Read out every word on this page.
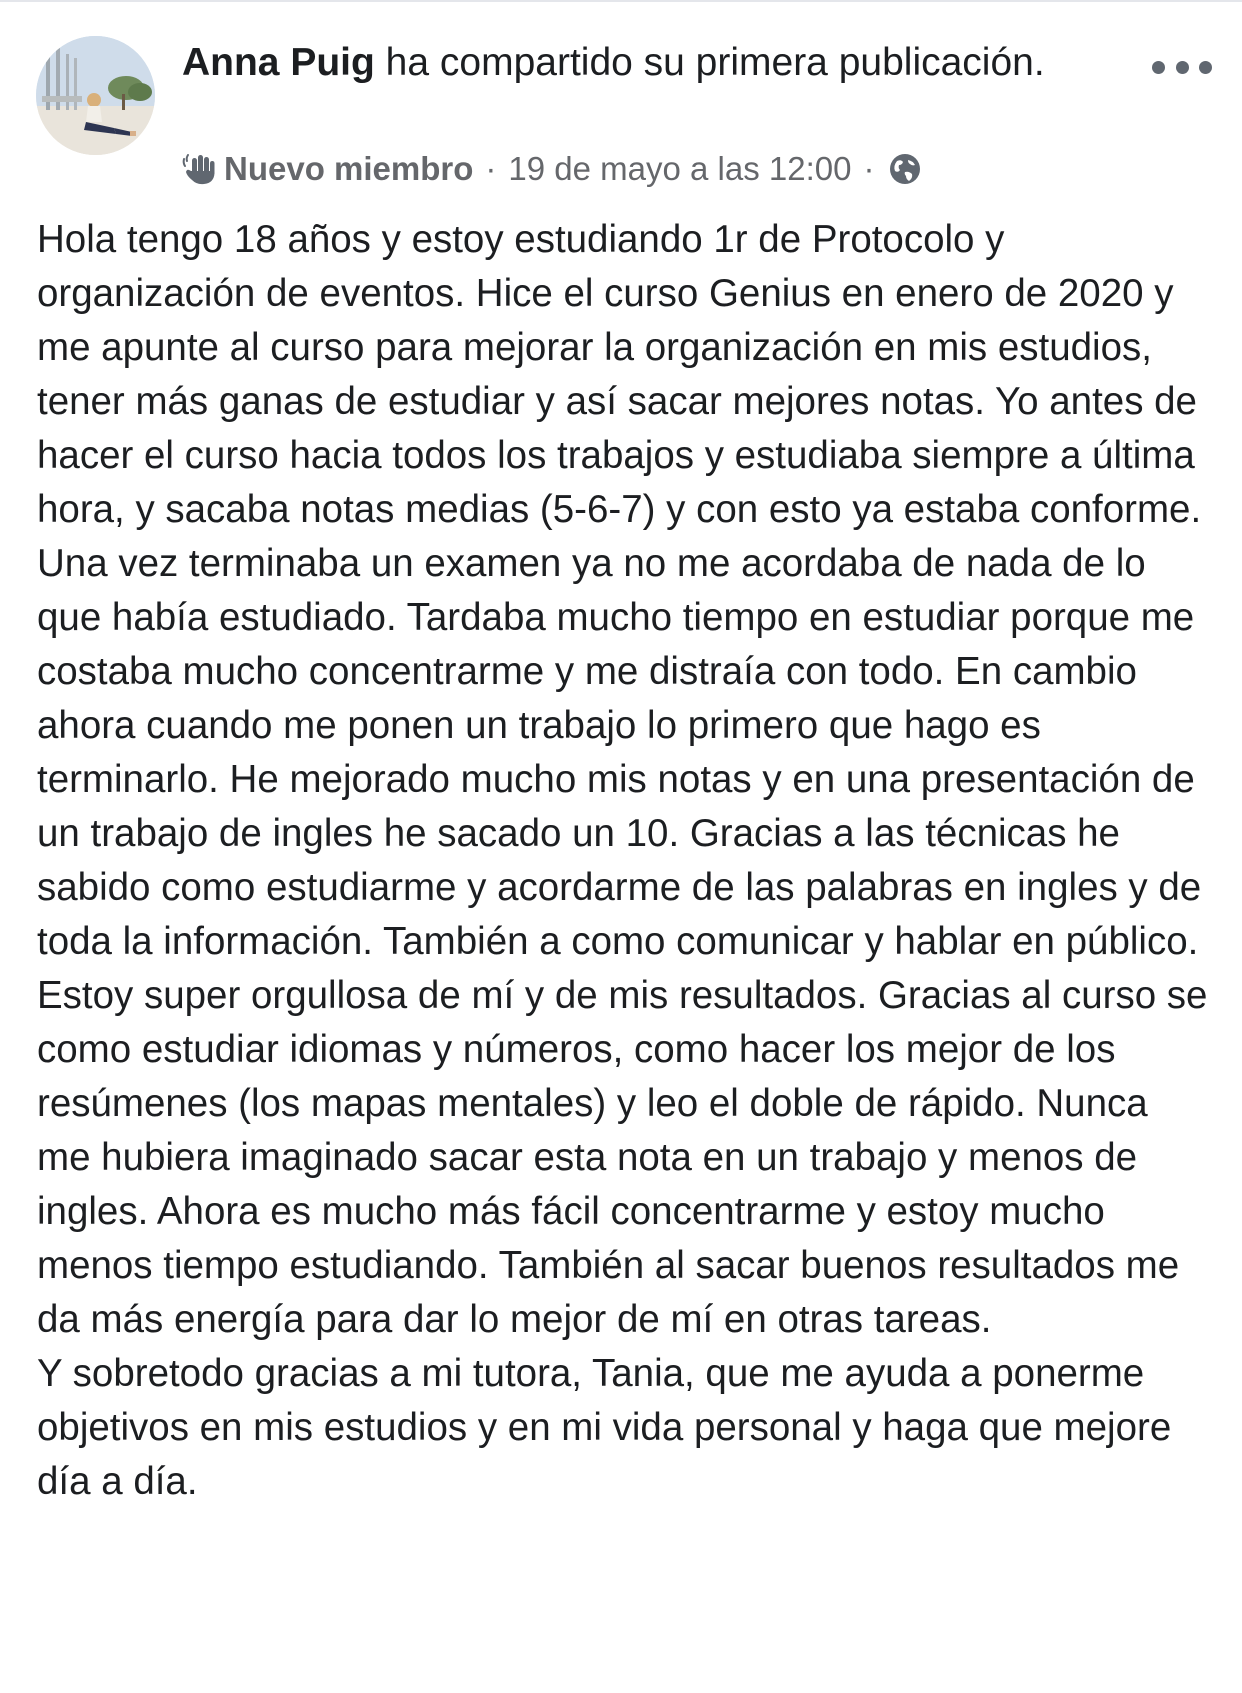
Anna Puig ha compartido su primera publicación.
Nuevo miembro · 19 de mayo a las 12:00 ·

Hola tengo 18 años y estoy estudiando 1r de Protocolo y organización de eventos. Hice el curso Genius en enero de 2020 y me apunte al curso para mejorar la organización en mis estudios, tener más ganas de estudiar y así sacar mejores notas. Yo antes de hacer el curso hacia todos los trabajos y estudiaba siempre a última hora, y sacaba notas medias (5-6-7) y con esto ya estaba conforme. Una vez terminaba un examen ya no me acordaba de nada de lo que había estudiado. Tardaba mucho tiempo en estudiar porque me costaba mucho concentrarme y me distraía con todo. En cambio ahora cuando me ponen un trabajo lo primero que hago es terminarlo. He mejorado mucho mis notas y en una presentación de un trabajo de ingles he sacado un 10. Gracias a las técnicas he sabido como estudiarme y acordarme de las palabras en ingles y de toda la información. También a como comunicar y hablar en público. Estoy super orgullosa de mí y de mis resultados. Gracias al curso se como estudiar idiomas y números, como hacer los mejor de los resúmenes (los mapas mentales) y leo el doble de rápido. Nunca me hubiera imaginado sacar esta nota en un trabajo y menos de ingles. Ahora es mucho más fácil concentrarme y estoy mucho menos tiempo estudiando. También al sacar buenos resultados me da más energía para dar lo mejor de mí en otras tareas.

Y sobretodo gracias a mi tutora, Tania, que me ayuda a ponerme objetivos en mis estudios y en mi vida personal y haga que mejore día a día.
